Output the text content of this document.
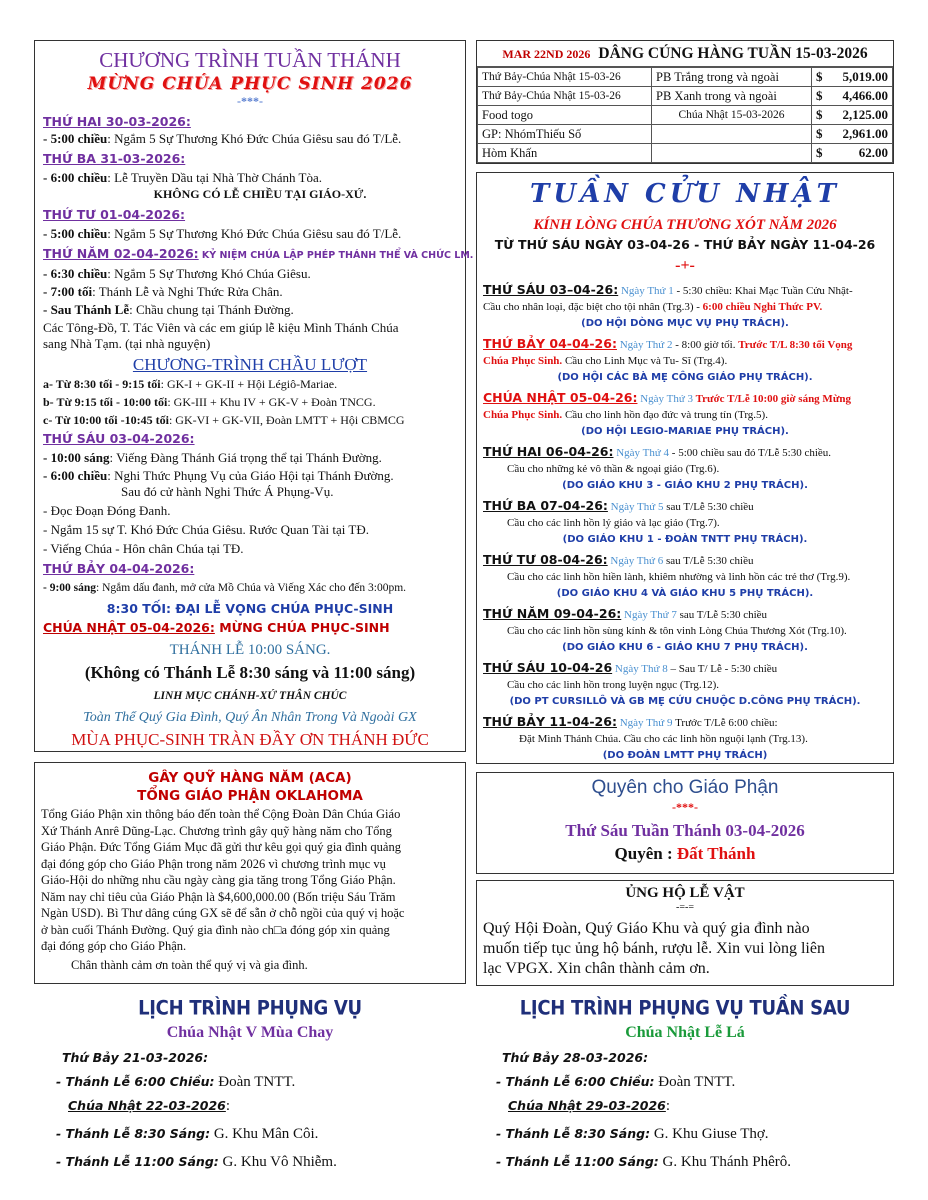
CHƯƠNG TRÌNH TUẦN THÁNH
MỪNG CHÚA PHỤC SINH 2026
-***-
THỨ HAI 30-03-2026:
- 5:00 chiều: Ngắm 5 Sự Thương Khó Đức Chúa Giêsu sau đó T/Lễ.
THỨ BA 31-03-2026:
- 6:00 chiều: Lễ Truyền Dầu tại Nhà Thờ Chánh Tòa.
KHÔNG CÓ LỄ CHIỀU TẠI GIÁO-XỨ.
THỨ TƯ 01-04-2026:
- 5:00 chiều: Ngắm 5 Sự Thương Khó Đức Chúa Giêsu sau đó T/Lễ.
THỨ NĂM 02-04-2026: KỶ NIỆM CHÚA LẬP PHÉP THÁNH THỂ VÀ CHỨC LM.
- 6:30 chiều: Ngắm 5 Sự Thương Khó Chúa Giêsu.
- 7:00 tối: Thánh Lễ và Nghi Thức Rửa Chân.
- Sau Thánh Lễ: Chầu chung tại Thánh Đường.
Các Tông-Đồ, T. Tác Viên và các em giúp lễ kiệu Mình Thánh Chúa
sang Nhà Tạm. (tại nhà nguyện)
CHƯƠNG-TRÌNH CHẦU LƯỢT
a- Từ 8:30 tối - 9:15 tối: GK-I + GK-II + Hội Légiô-Mariae.
b- Từ 9:15 tối - 10:00 tối: GK-III + Khu IV + GK-V + Đoàn TNCG.
c- Từ 10:00 tối -10:45 tối: GK-VI + GK-VII, Đoàn LMTT + Hội CBMCG
THỨ SÁU 03-04-2026:
- 10:00 sáng: Viếng Đàng Thánh Giá trọng thể tại Thánh Đường.
- 6:00 chiều: Nghi Thức Phụng Vụ của Giáo Hội tại Thánh Đường.
Sau đó cử hành Nghi Thức Á Phụng-Vụ.
- Đọc Đoạn Đóng Đanh.
- Ngắm 15 sự T. Khó Đức Chúa Giêsu. Rước Quan Tài tại TĐ.
- Viếng Chúa - Hôn chân Chúa tại TĐ.
THỨ BẢY 04-04-2026:
- 9:00 sáng: Ngắm dấu đanh, mở cửa Mồ Chúa và Viếng Xác cho đến 3:00pm.
8:30 TỐI: ĐẠI LỄ VỌNG CHÚA PHỤC-SINH
CHÚA NHẬT 05-04-2026: MỪNG CHÚA PHỤC-SINH
THÁNH LỄ 10:00 SÁNG.
(Không có Thánh Lễ 8:30 sáng và 11:00 sáng)
LINH MỤC CHÁNH-XỨ THÂN CHÚC
Toàn Thể Quý Gia Đình, Quý Ân Nhân Trong Và Ngoài GX
MÙA PHỤC-SINH TRÀN ĐẦY ƠN THÁNH ĐỨC
GÂY QUỸ HÀNG NĂM (ACA)
TỔNG GIÁO PHẬN OKLAHOMA
Tổng Giáo Phận xin thông báo đến toàn thể Cộng Đoàn Dân Chúa Giáo
Xứ Thánh Anrê Dũng-Lạc. Chương trình gây quỹ hàng năm cho Tổng
Giáo Phận. Đức Tổng Giám Mục đã gửi thư kêu gọi quý gia đình quảng
đại đóng góp cho Giáo Phận trong năm 2026 vì chương trình mục vụ
Giáo-Hội do những nhu cầu ngày càng gia tăng trong Tổng Giáo Phận.
Năm nay chỉ tiêu của Giáo Phận là $4,600,000.00 (Bốn triệu Sáu Trăm
Ngàn USD). Bì Thư dâng cúng GX sẽ để sẵn ở chỗ ngồi của quý vị hoặc
ở bàn cuối Thánh Đường. Quý gia đình nào ch□a đóng góp xin quảng
đại đóng góp cho Giáo Phận.
Chân thành cảm ơn toàn thể quý vị và gia đình.
MAR 22ND 2026 DÂNG CÚNG HÀNG TUẦN 15-03-2026
Thứ Bảy-Chúa Nhật 15-03-26	PB Trắng trong và ngoài	$	5,019.00
Thứ Bảy-Chúa Nhật 15-03-26	PB Xanh trong và ngoài	$	4,466.00
Food togo	Chúa Nhật 15-03-2026	$	2,125.00
GP: NhómThiếu Số		$	2,961.00
Hòm Khấn		$	62.00
TUẦN CỬU NHẬT
KÍNH LÒNG CHÚA THƯƠNG XÓT NĂM 2026
TỪ THỨ SÁU NGÀY 03-04-26 - THỨ BẢY NGÀY 11-04-26
-+-
THỨ SÁU 03–04-26: Ngày Thứ 1 - 5:30 chiều: Khai Mạc Tuần Cửu Nhật-
Cầu cho nhân loại, đặc biệt cho tội nhân (Trg.3) - 6:00 chiều Nghi Thức PV.
(DO HỘI DÒNG MỤC VỤ PHỤ TRÁCH).
THỨ BẢY 04-04-26: Ngày Thứ 2 - 8:00 giờ tối. Trước T/L 8:30 tối Vọng
Chúa Phục Sinh. Cầu cho Linh Mục và Tu- Sĩ (Trg.4).
(DO HỘI CÁC BÀ MẸ CÔNG GIÁO PHỤ TRÁCH).
CHÚA NHẬT 05-04-26: Ngày Thứ 3 Trước T/Lễ 10:00 giờ sáng Mừng
Chúa Phục Sinh. Cầu cho linh hồn đạo đức và trung tín (Trg.5).
(DO HỘI LEGIO-MARIAE PHỤ TRÁCH).
THỨ HAI 06-04-26: Ngày Thứ 4 - 5:00 chiều sau đó T/Lễ 5:30 chiều.
Cầu cho những kẻ vô thần & ngoại giáo (Trg.6).
(DO GIÁO KHU 3 - GIÁO KHU 2 PHỤ TRÁCH).
THỨ BA 07-04-26: Ngày Thứ 5 sau T/Lễ 5:30 chiều
Cầu cho các linh hồn lý giáo và lạc giáo (Trg.7).
(DO GIÁO KHU 1 - ĐOÀN TNTT PHỤ TRÁCH).
THỨ TƯ 08-04-26: Ngày Thứ 6 sau T/Lễ 5:30 chiều
Cầu cho các linh hồn hiền lành, khiêm nhường và linh hồn các trẻ thơ (Trg.9).
(DO GIÁO KHU 4 VÀ GIÁO KHU 5 PHỤ TRÁCH).
THỨ NĂM 09-04-26: Ngày Thứ 7 sau T/Lễ 5:30 chiều
Cầu cho các linh hồn sùng kính & tôn vinh Lòng Chúa Thương Xót (Trg.10).
(DO GIÁO KHU 6 - GIÁO KHU 7 PHỤ TRÁCH).
THỨ SÁU 10-04-26 Ngày Thứ 8 – Sau T/ Lễ - 5:30 chiều
Cầu cho các linh hồn trong luyện ngục (Trg.12).
(DO PT CURSILLÔ VÀ GB MẸ CỨU CHUỘC D.CÔNG PHỤ TRÁCH).
THỨ BẢY 11-04-26: Ngày Thứ 9 Trước T/Lễ 6:00 chiều:
Đặt Mình Thánh Chúa. Cầu cho các linh hồn nguội lạnh (Trg.13).
(DO ĐOÀN LMTT PHỤ TRÁCH)
Quyên cho Giáo Phận
-***-
Thứ Sáu Tuần Thánh 03-04-2026
Quyên : Đất Thánh
ỦNG HỘ LỄ VẬT
-=-=
Quý Hội Đoàn, Quý Giáo Khu và quý gia đình nào
muốn tiếp tục ủng hộ bánh, rượu lễ. Xin vui lòng liên
lạc VPGX. Xin chân thành cảm ơn.
LỊCH TRÌNH PHỤNG VỤ
Chúa Nhật V Mùa Chay
Thứ Bảy 21-03-2026:
- Thánh Lễ 6:00 Chiều: Đoàn TNTT.
Chúa Nhật 22-03-2026:
- Thánh Lễ 8:30 Sáng: G. Khu Mân Côi.
- Thánh Lễ 11:00 Sáng: G. Khu Vô Nhiễm.
LỊCH TRÌNH PHỤNG VỤ TUẦN SAU
Chúa Nhật Lễ Lá
Thứ Bảy 28-03-2026:
- Thánh Lễ 6:00 Chiều: Đoàn TNTT.
Chúa Nhật 29-03-2026:
- Thánh Lễ 8:30 Sáng: G. Khu Giuse Thợ.
- Thánh Lễ 11:00 Sáng: G. Khu Thánh Phêrô.
